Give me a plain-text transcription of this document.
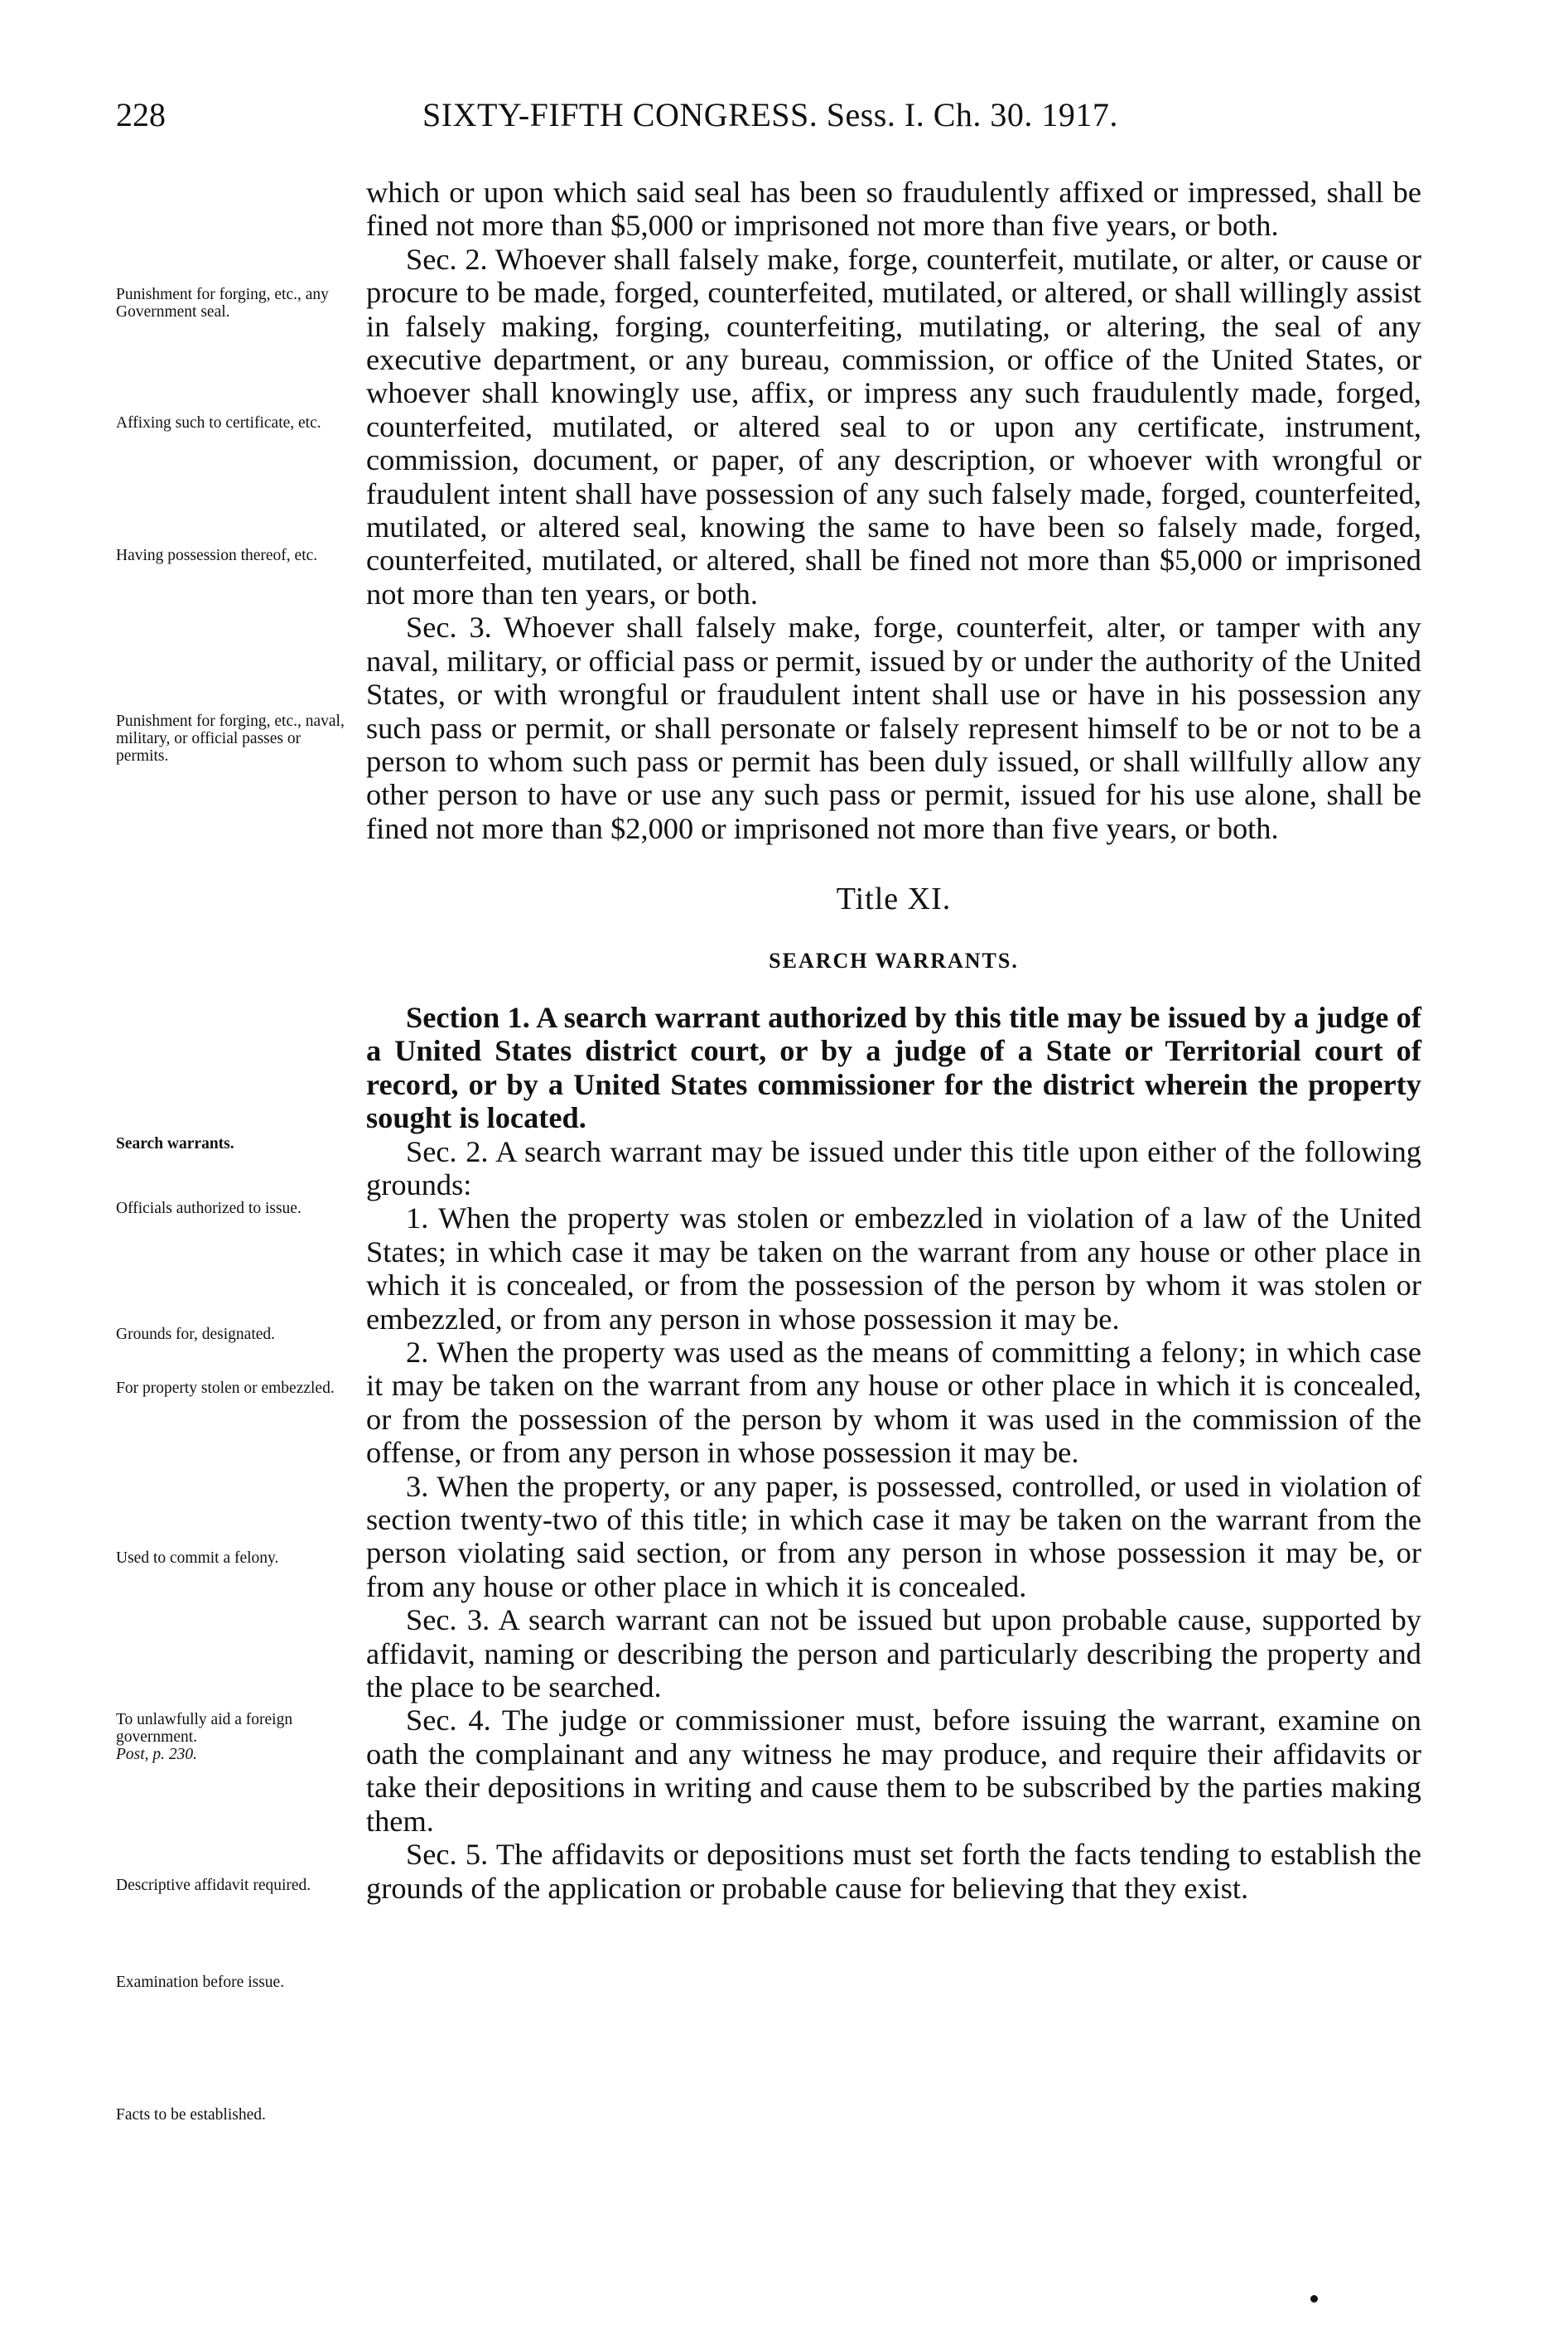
228	SIXTY-FIFTH CONGRESS. Sess. I. Ch. 30. 1917.

which or upon which said seal has been so fraudulently affixed or impressed, shall be fined not more than $5,000 or imprisoned not more than five years, or both.

Sec. 2. Whoever shall falsely make, forge, counterfeit, mutilate, or alter, or cause or procure to be made, forged, counterfeited, mutilated, or altered, or shall willingly assist in falsely making, forging, counterfeiting, mutilating, or altering, the seal of any executive department, or any bureau, commission, or office of the United States, or whoever shall knowingly use, affix, or impress any such fraudulently made, forged, counterfeited, mutilated, or altered seal to or upon any certificate, instrument, commission, document, or paper, of any description, or whoever with wrongful or fraudulent intent shall have possession of any such falsely made, forged, counterfeited, mutilated, or altered seal, knowing the same to have been so falsely made, forged, counterfeited, mutilated, or altered, shall be fined not more than $5,000 or imprisoned not more than ten years, or both.

Sec. 3. Whoever shall falsely make, forge, counterfeit, alter, or tamper with any naval, military, or official pass or permit, issued by or under the authority of the United States, or with wrongful or fraudulent intent shall use or have in his possession any such pass or permit, or shall personate or falsely represent himself to be or not to be a person to whom such pass or permit has been duly issued, or shall willfully allow any other person to have or use any such pass or permit, issued for his use alone, shall be fined not more than $2,000 or imprisoned not more than five years, or both.

Title XI.
SEARCH WARRANTS.

Section 1. A search warrant authorized by this title may be issued by a judge of a United States district court, or by a judge of a State or Territorial court of record, or by a United States commissioner for the district wherein the property sought is located.

Sec. 2. A search warrant may be issued under this title upon either of the following grounds:

1. When the property was stolen or embezzled in violation of a law of the United States; in which case it may be taken on the warrant from any house or other place in which it is concealed, or from the possession of the person by whom it was stolen or embezzled, or from any person in whose possession it may be.

2. When the property was used as the means of committing a felony; in which case it may be taken on the warrant from any house or other place in which it is concealed, or from the possession of the person by whom it was used in the commission of the offense, or from any person in whose possession it may be.

3. When the property, or any paper, is possessed, controlled, or used in violation of section twenty-two of this title; in which case it may be taken on the warrant from the person violating said section, or from any person in whose possession it may be, or from any house or other place in which it is concealed.

Sec. 3. A search warrant can not be issued but upon probable cause, supported by affidavit, naming or describing the person and particularly describing the property and the place to be searched.

Sec. 4. The judge or commissioner must, before issuing the warrant, examine on oath the complainant and any witness he may produce, and require their affidavits or take their depositions in writing and cause them to be subscribed by the parties making them.

Sec. 5. The affidavits or depositions must set forth the facts tending to establish the grounds of the application or probable cause for believing that they exist.

Punishment for forging, etc., any Government seal.
Affixing such to certificate, etc.
Having possession thereof, etc.
Punishment for forging, etc., naval, military, or official passes or permits.
Search warrants.
Officials authorized to issue.
Grounds for, designated.
For property stolen or embezzled.
Used to commit a felony.
To unlawfully aid a foreign government.
Post, p. 230.
Descriptive affidavit required.
Examination before issue.
Facts to be established.
